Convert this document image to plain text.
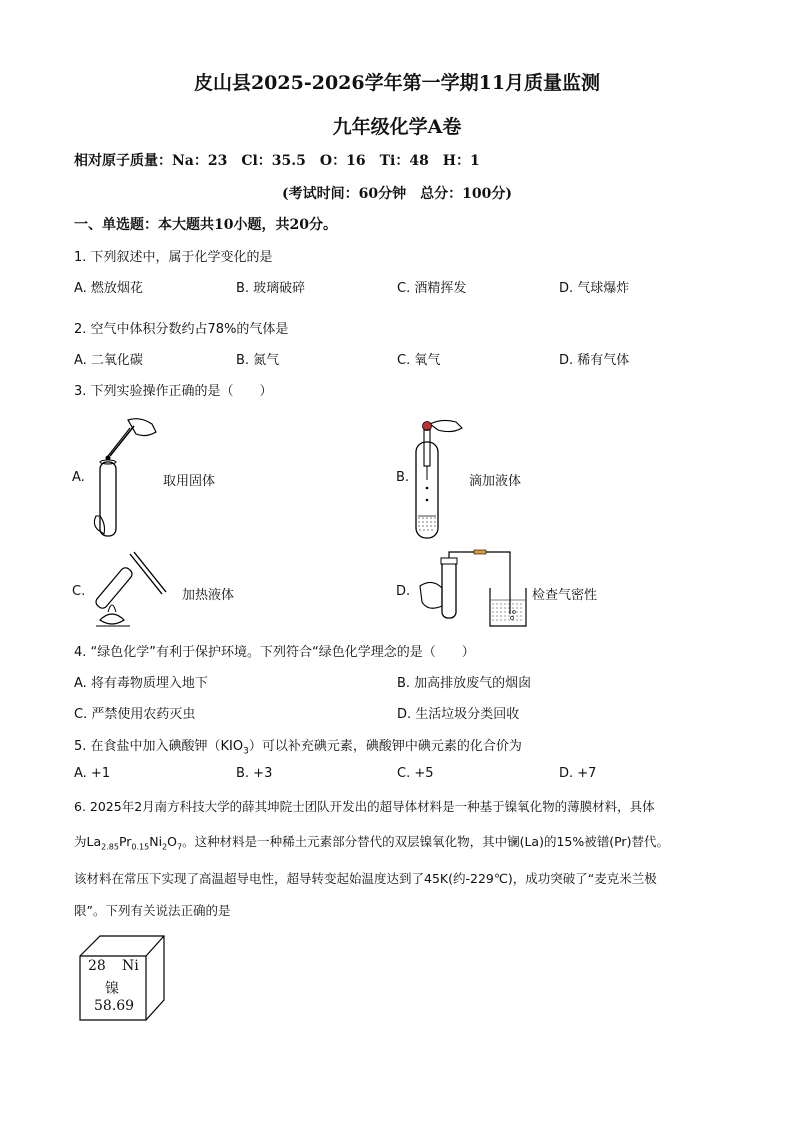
皮山县2025-2026学年第一学期11月质量监测
九年级化学A卷
相对原子质量：Na：23　Cl：35.5　O：16　Ti：48　H：1
(考试时间：60分钟　总分：100分)
一、单选题：本大题共10小题，共20分。
1. 下列叙述中，属于化学变化的是
A. 燃放烟花	B. 玻璃破碎	C. 酒精挥发	D. 气球爆炸
2. 空气中体积分数约占78%的气体是
A. 二氧化碳	B. 氮气	C. 氧气	D. 稀有气体
3. 下列实验操作正确的是（　　）
A.	取用固体	B.	滴加液体
C.	加热液体	D.	检查气密性
4. “绿色化学”有利于保护环境。下列符合“绿色化学理念的是（　　）
A. 将有毒物质埋入地下	B. 加高排放废气的烟囱
C. 严禁使用农药灭虫	D. 生活垃圾分类回收
5. 在食盐中加入碘酸钾$(KIO_3)$可以补充碘元素，碘酸钾中碘元素的化合价为
A. +1	B. +3	C. +5	D. +7
6. 2025年2月南方科技大学的薛其坤院士团队开发出的超导体材料是一种基于镍氧化物的薄膜材料，具体
为$La_{2.85}Pr_{0.15}Ni_2O_7$。这种材料是一种稀土元素部分替代的双层镍氧化物，其中镧(La)的15%被镨(Pr)替代。
该材料在常压下实现了高温超导电性，超导转变起始温度达到了45K(约-229℃)，成功突破了“麦克米兰极
限”。下列有关说法正确的是
28 Ni
镍
58.69
